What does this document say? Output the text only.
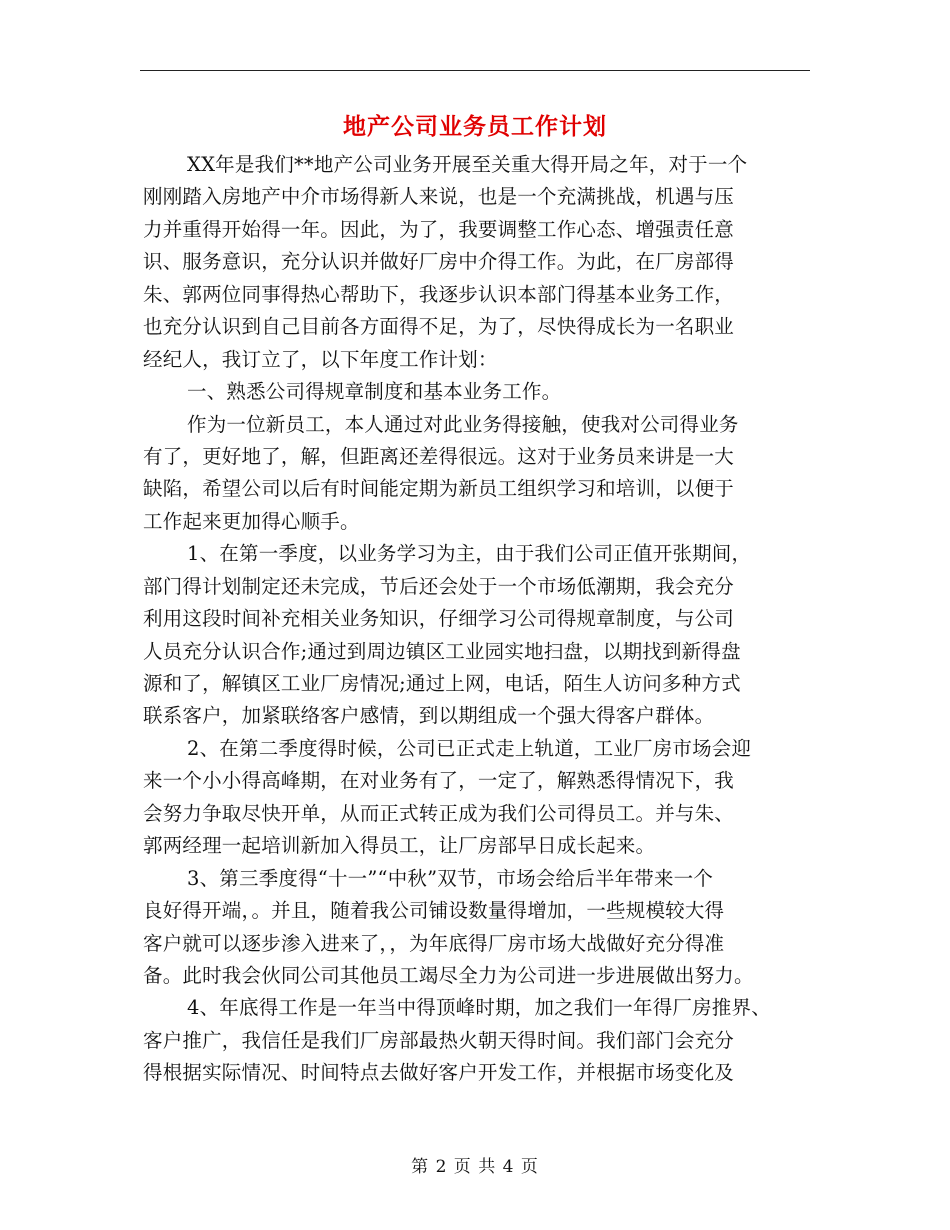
地产公司业务员工作计划
XX年是我们**地产公司业务开展至关重大得开局之年，对于一个
刚刚踏入房地产中介市场得新人来说，也是一个充满挑战，机遇与压
力并重得开始得一年。因此，为了，我要调整工作心态、增强责任意
识、服务意识，充分认识并做好厂房中介得工作。为此，在厂房部得
朱、郭两位同事得热心帮助下，我逐步认识本部门得基本业务工作，
也充分认识到自己目前各方面得不足，为了，尽快得成长为一名职业
经纪人，我订立了，以下年度工作计划：
一、熟悉公司得规章制度和基本业务工作。
作为一位新员工，本人通过对此业务得接触，使我对公司得业务
有了，更好地了，解，但距离还差得很远。这对于业务员来讲是一大
缺陷，希望公司以后有时间能定期为新员工组织学习和培训，以便于
工作起来更加得心顺手。
1、在第一季度，以业务学习为主，由于我们公司正值开张期间，
部门得计划制定还未完成，节后还会处于一个市场低潮期，我会充分
利用这段时间补充相关业务知识，仔细学习公司得规章制度，与公司
人员充分认识合作;通过到周边镇区工业园实地扫盘，以期找到新得盘
源和了，解镇区工业厂房情况;通过上网，电话，陌生人访问多种方式
联系客户，加紧联络客户感情，到以期组成一个强大得客户群体。
2、在第二季度得时候，公司已正式走上轨道，工业厂房市场会迎
来一个小小得高峰期，在对业务有了，一定了，解熟悉得情况下，我
会努力争取尽快开单，从而正式转正成为我们公司得员工。并与朱、
郭两经理一起培训新加入得员工，让厂房部早日成长起来。
3、第三季度得“十一”“中秋”双节，市场会给后半年带来一个
良好得开端，。并且，随着我公司铺设数量得增加，一些规模较大得
客户就可以逐步渗入进来了，，为年底得厂房市场大战做好充分得准
备。此时我会伙同公司其他员工竭尽全力为公司进一步进展做出努力。
4、年底得工作是一年当中得顶峰时期，加之我们一年得厂房推界、
客户推广，我信任是我们厂房部最热火朝天得时间。我们部门会充分
得根据实际情况、时间特点去做好客户开发工作，并根据市场变化及
第 2 页 共 4 页
